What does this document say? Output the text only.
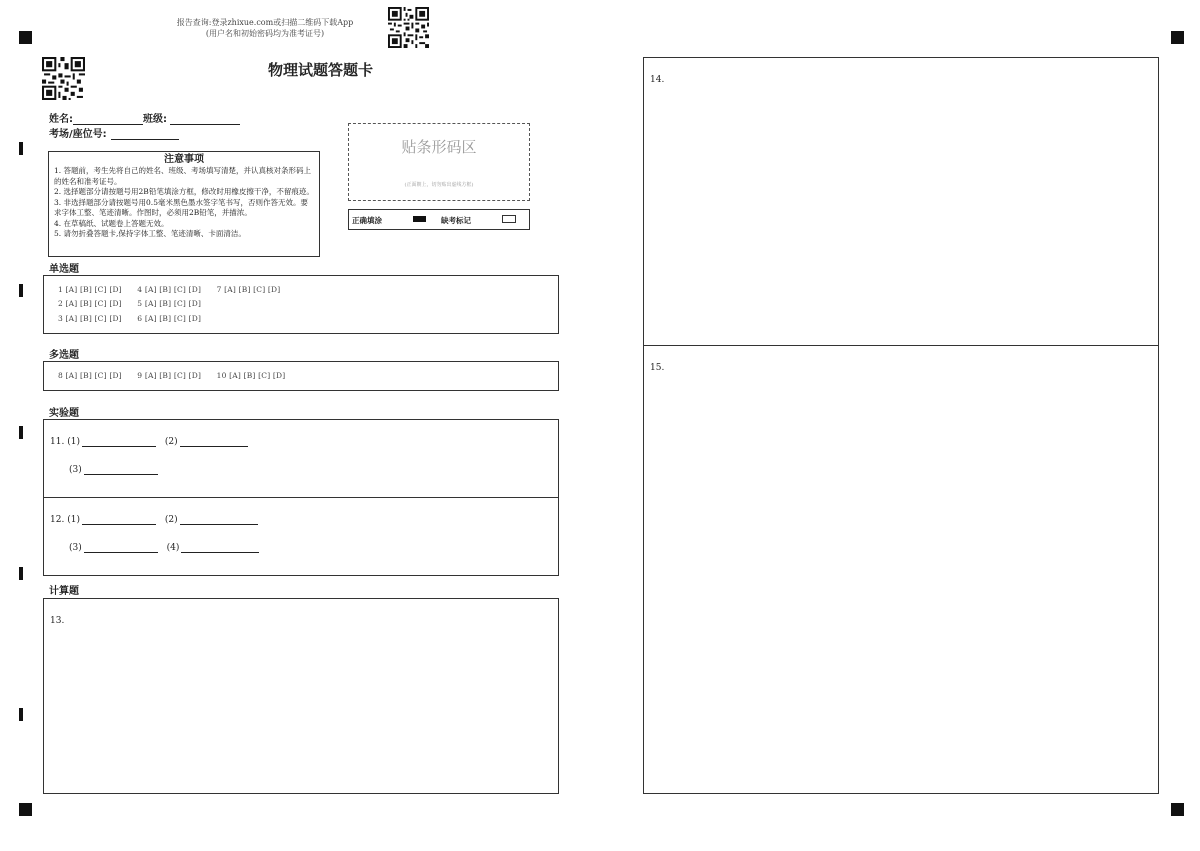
报告查询:登录zhixue.com或扫描二维码下载App
(用户名和初始密码均为准考证号)
物理试题答题卡
姓名:	班级:
考场/座位号:
注意事项
1. 答题前，考生先将自己的姓名、班级、考场填写清楚，并认真核对条形码上的姓名和准考证号。
2. 选择题部分请按题号用2B铅笔填涂方框，修改时用橡皮擦干净，不留痕迹。
3. 非选择题部分请按题号用0.5毫米黑色墨水签字笔书写，否则作答无效。要求字体工整、笔迹清晰。作图时，必须用2B铅笔，并描浓。
4. 在草稿纸、试题卷上答题无效。
5. 请勿折叠答题卡,保持字体工整、笔迹清晰、卡面清洁。
贴条形码区
(正面朝上，切勿贴出虚线方框)
正确填涂	缺考标记
单选题
1 [A] [B] [C] [D]      4 [A] [B] [C] [D]      7 [A] [B] [C] [D]
2 [A] [B] [C] [D]      5 [A] [B] [C] [D]
3 [A] [B] [C] [D]      6 [A] [B] [C] [D]
多选题
8 [A] [B] [C] [D]      9 [A] [B] [C] [D]      10 [A] [B] [C] [D]
实验题
11. (1)	(2)
(3)
12. (1)	(2)
(3)	(4)
计算题
13.
14.
15.
